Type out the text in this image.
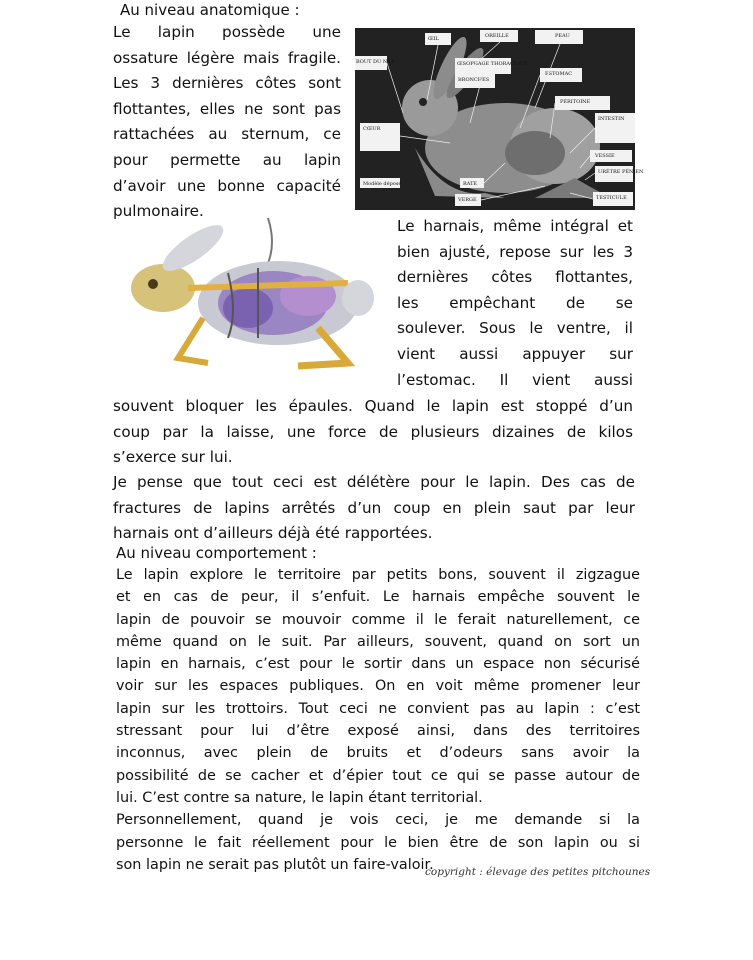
Au niveau anatomique :
Le lapin possède une
ossature légère mais fragile.
Les 3 dernières côtes sont
flottantes, elles ne sont pas
rattachées au sternum, ce
pour permette au lapin
d’avoir une bonne capacité
pulmonaire.
ŒIL	OREILLE	PEAU
BOUT DU NEZ	ŒSOPHAGE THORACIQUE
BRONCHES
ESTOMAC
PÉRITOINE
INTESTIN
CŒUR
VESSIE
URÈTRE PÉNIEN
RATE
VERGE	TESTICULE
Modèle déposé
Le harnais, même intégral et
bien ajusté, repose sur les 3
dernières côtes flottantes,
les empêchant de se
soulever. Sous le ventre, il
vient aussi appuyer sur
l’estomac. Il vient aussi
souvent bloquer les épaules. Quand le lapin est stoppé d’un
coup par la laisse, une force de plusieurs dizaines de kilos
s’exerce sur lui.
Je pense que tout ceci est délétère pour le lapin. Des cas de
fractures de lapins arrêtés d’un coup en plein saut par leur
harnais ont d’ailleurs déjà été rapportées.
Au niveau comportement :
Le lapin explore le territoire par petits bons, souvent il zigzague
et en cas de peur, il s’enfuit. Le harnais empêche souvent le
lapin de pouvoir se mouvoir comme il le ferait naturellement, ce
même quand on le suit. Par ailleurs, souvent, quand on sort un
lapin en harnais, c’est pour le sortir dans un espace non sécurisé
voir sur les espaces publiques. On en voit même promener leur
lapin sur les trottoirs. Tout ceci ne convient pas au lapin : c’est
stressant pour lui d’être exposé ainsi, dans des territoires
inconnus, avec plein de bruits et d’odeurs sans avoir la
possibilité de se cacher et d’épier tout ce qui se passe autour de
lui. C’est contre sa nature, le lapin étant territorial.
Personnellement, quand je vois ceci, je me demande si la
personne le fait réellement pour le bien être de son lapin ou si
son lapin ne serait pas plutôt un faire-valoir.
copyright : élevage des petites pitchounes
